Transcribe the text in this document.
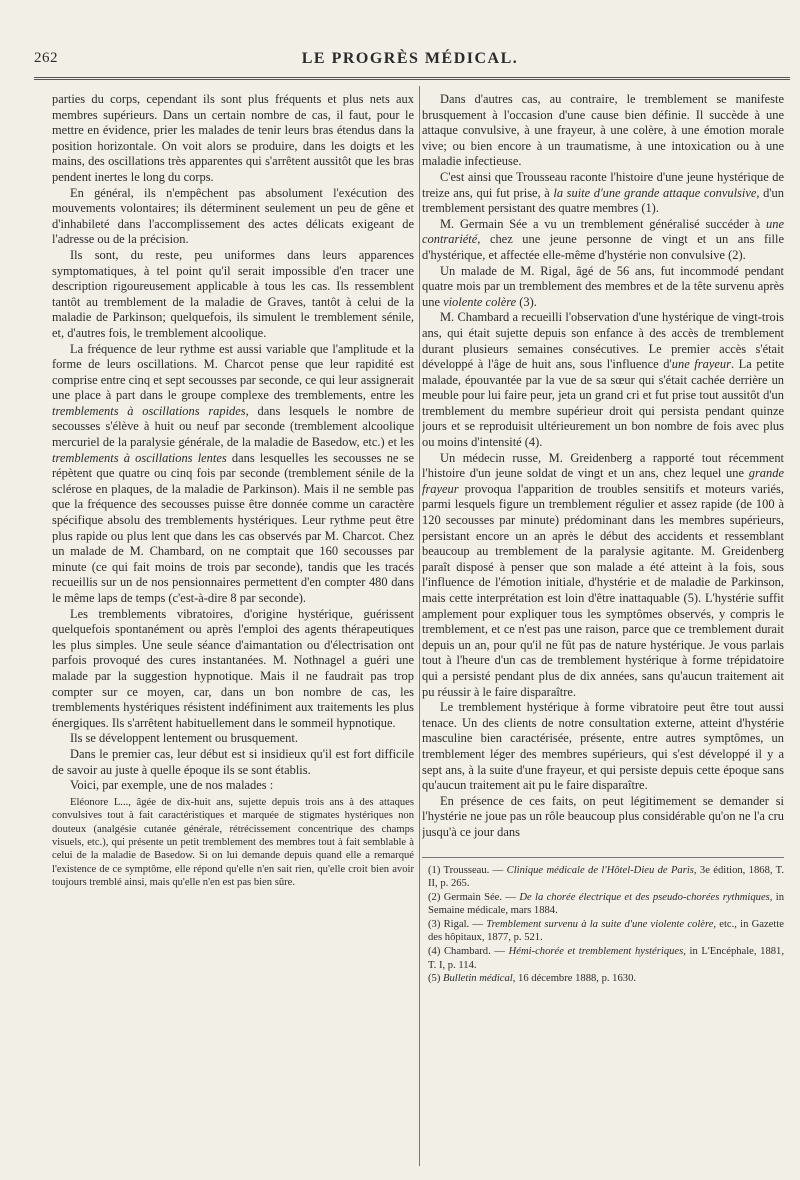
262	LE PROGRÈS MÉDICAL.

parties du corps, cependant ils sont plus fréquents et plus nets aux membres supérieurs. Dans un certain nombre de cas, il faut, pour le mettre en évidence, prier les malades de tenir leurs bras étendus dans la position horizontale. On voit alors se produire, dans les doigts et les mains, des oscillations très apparentes qui s'arrêtent aussitôt que les bras pendent inertes le long du corps.

En général, ils n'empêchent pas absolument l'exécution des mouvements volontaires; ils déterminent seulement un peu de gêne et d'inhabileté dans l'accomplissement des actes délicats exigeant de l'adresse ou de la précision.

Ils sont, du reste, peu uniformes dans leurs apparences symptomatiques, à tel point qu'il serait impossible d'en tracer une description rigoureusement applicable à tous les cas. Ils ressemblent tantôt au tremblement de la maladie de Graves, tantôt à celui de la maladie de Parkinson; quelquefois, ils simulent le tremblement sénile, et, d'autres fois, le tremblement alcoolique.

La fréquence de leur rythme est aussi variable que l'amplitude et la forme de leurs oscillations. M. Charcot pense que leur rapidité est comprise entre cinq et sept secousses par seconde, ce qui leur assignerait une place à part dans le groupe complexe des tremblements, entre les tremblements à oscillations rapides, dans lesquels le nombre de secousses s'élève à huit ou neuf par seconde (tremblement alcoolique mercuriel de la paralysie générale, de la maladie de Basedow, etc.) et les tremblements à oscillations lentes dans lesquelles les secousses ne se répètent que quatre ou cinq fois par seconde (tremblement sénile de la sclérose en plaques, de la maladie de Parkinson). Mais il ne semble pas que la fréquence des secousses puisse être donnée comme un caractère spécifique absolu des tremblements hystériques. Leur rythme peut être plus rapide ou plus lent que dans les cas observés par M. Charcot. Chez un malade de M. Chambard, on ne comptait que 160 secousses par minute (ce qui fait moins de trois par seconde), tandis que les tracés recueillis sur un de nos pensionnaires permettent d'en compter 480 dans le même laps de temps (c'est-à-dire 8 par seconde).

Les tremblements vibratoires, d'origine hystérique, guérissent quelquefois spontanément ou après l'emploi des agents thérapeutiques les plus simples. Une seule séance d'aimantation ou d'électrisation ont parfois provoqué des cures instantanées. M. Nothnagel a guéri une malade par la suggestion hypnotique. Mais il ne faudrait pas trop compter sur ce moyen, car, dans un bon nombre de cas, les tremblements hystériques résistent indéfiniment aux traitements les plus énergiques. Ils s'arrêtent habituellement dans le sommeil hypnotique.

Ils se développent lentement ou brusquement.

Dans le premier cas, leur début est si insidieux qu'il est fort difficile de savoir au juste à quelle époque ils se sont établis.

Voici, par exemple, une de nos malades :

Eléonore L..., âgée de dix-huit ans, sujette depuis trois ans à des attaques convulsives tout à fait caractéristiques et marquée de stigmates hystériques non douteux (analgésie cutanée générale, rétrécissement concentrique des champs visuels, etc.), qui présente un petit tremblement des membres tout à fait semblable à celui de la maladie de Basedow. Si on lui demande depuis quand elle a remarqué l'existence de ce symptôme, elle répond qu'elle n'en sait rien, qu'elle croit bien avoir toujours tremblé ainsi, mais qu'elle n'en est pas bien sûre.

Dans d'autres cas, au contraire, le tremblement se manifeste brusquement à l'occasion d'une cause bien définie. Il succède à une attaque convulsive, à une frayeur, à une colère, à une émotion morale vive; ou bien encore à un traumatisme, à une intoxication ou à une maladie infectieuse.

C'est ainsi que Trousseau raconte l'histoire d'une jeune hystérique de treize ans, qui fut prise, à la suite d'une grande attaque convulsive, d'un tremblement persistant des quatre membres (1).

M. Germain Sée a vu un tremblement généralisé succéder à une contrariété, chez une jeune personne de vingt et un ans fille d'hystérique, et affectée elle-même d'hystérie non convulsive (2).

Un malade de M. Rigal, âgé de 56 ans, fut incommodé pendant quatre mois par un tremblement des membres et de la tête survenu après une violente colère (3).

M. Chambard a recueilli l'observation d'une hystérique de vingt-trois ans, qui était sujette depuis son enfance à des accès de tremblement durant plusieurs semaines consécutives. Le premier accès s'était développé à l'âge de huit ans, sous l'influence d'une frayeur. La petite malade, épouvantée par la vue de sa sœur qui s'était cachée derrière un meuble pour lui faire peur, jeta un grand cri et fut prise tout aussitôt d'un tremblement du membre supérieur droit qui persista pendant quinze jours et se reproduisit ultérieurement un bon nombre de fois avec plus ou moins d'intensité (4).

Un médecin russe, M. Greidenberg a rapporté tout récemment l'histoire d'un jeune soldat de vingt et un ans, chez lequel une grande frayeur provoqua l'apparition de troubles sensitifs et moteurs variés, parmi lesquels figure un tremblement régulier et assez rapide (de 100 à 120 secousses par minute) prédominant dans les membres supérieurs, persistant encore un an après le début des accidents et ressemblant beaucoup au tremblement de la paralysie agitante. M. Greidenberg paraît disposé à penser que son malade a été atteint à la fois, sous l'influence de l'émotion initiale, d'hystérie et de maladie de Parkinson, mais cette interprétation est loin d'être inattaquable (5). L'hystérie suffit amplement pour expliquer tous les symptômes observés, y compris le tremblement, et ce n'est pas une raison, parce que ce tremblement durait depuis un an, pour qu'il ne fût pas de nature hystérique. Je vous parlais tout à l'heure d'un cas de tremblement hystérique à forme trépidatoire qui a persisté pendant plus de dix années, sans qu'aucun traitement ait pu réussir à le faire disparaître.

Le tremblement hystérique à forme vibratoire peut être tout aussi tenace. Un des clients de notre consultation externe, atteint d'hystérie masculine bien caractérisée, présente, entre autres symptômes, un tremblement léger des membres supérieurs, qui s'est développé il y a sept ans, à la suite d'une frayeur, et qui persiste depuis cette époque sans qu'aucun traitement ait pu le faire disparaître.

En présence de ces faits, on peut légitimement se demander si l'hystérie ne joue pas un rôle beaucoup plus considérable qu'on ne l'a cru jusqu'à ce jour dans

(1) Trousseau. — Clinique médicale de l'Hôtel-Dieu de Paris, 3e édition, 1868, T. II, p. 265.
(2) Germain Sée. — De la chorée électrique et des pseudo-chorées rythmiques, in Semaine médicale, mars 1884.
(3) Rigal. — Tremblement survenu à la suite d'une violente colère, etc., in Gazette des hôpitaux, 1877, p. 521.
(4) Chambard. — Hémi-chorée et tremblement hystériques, in L'Encéphale, 1881, T. I, p. 114.
(5) Bulletin médical, 16 décembre 1888, p. 1630.
